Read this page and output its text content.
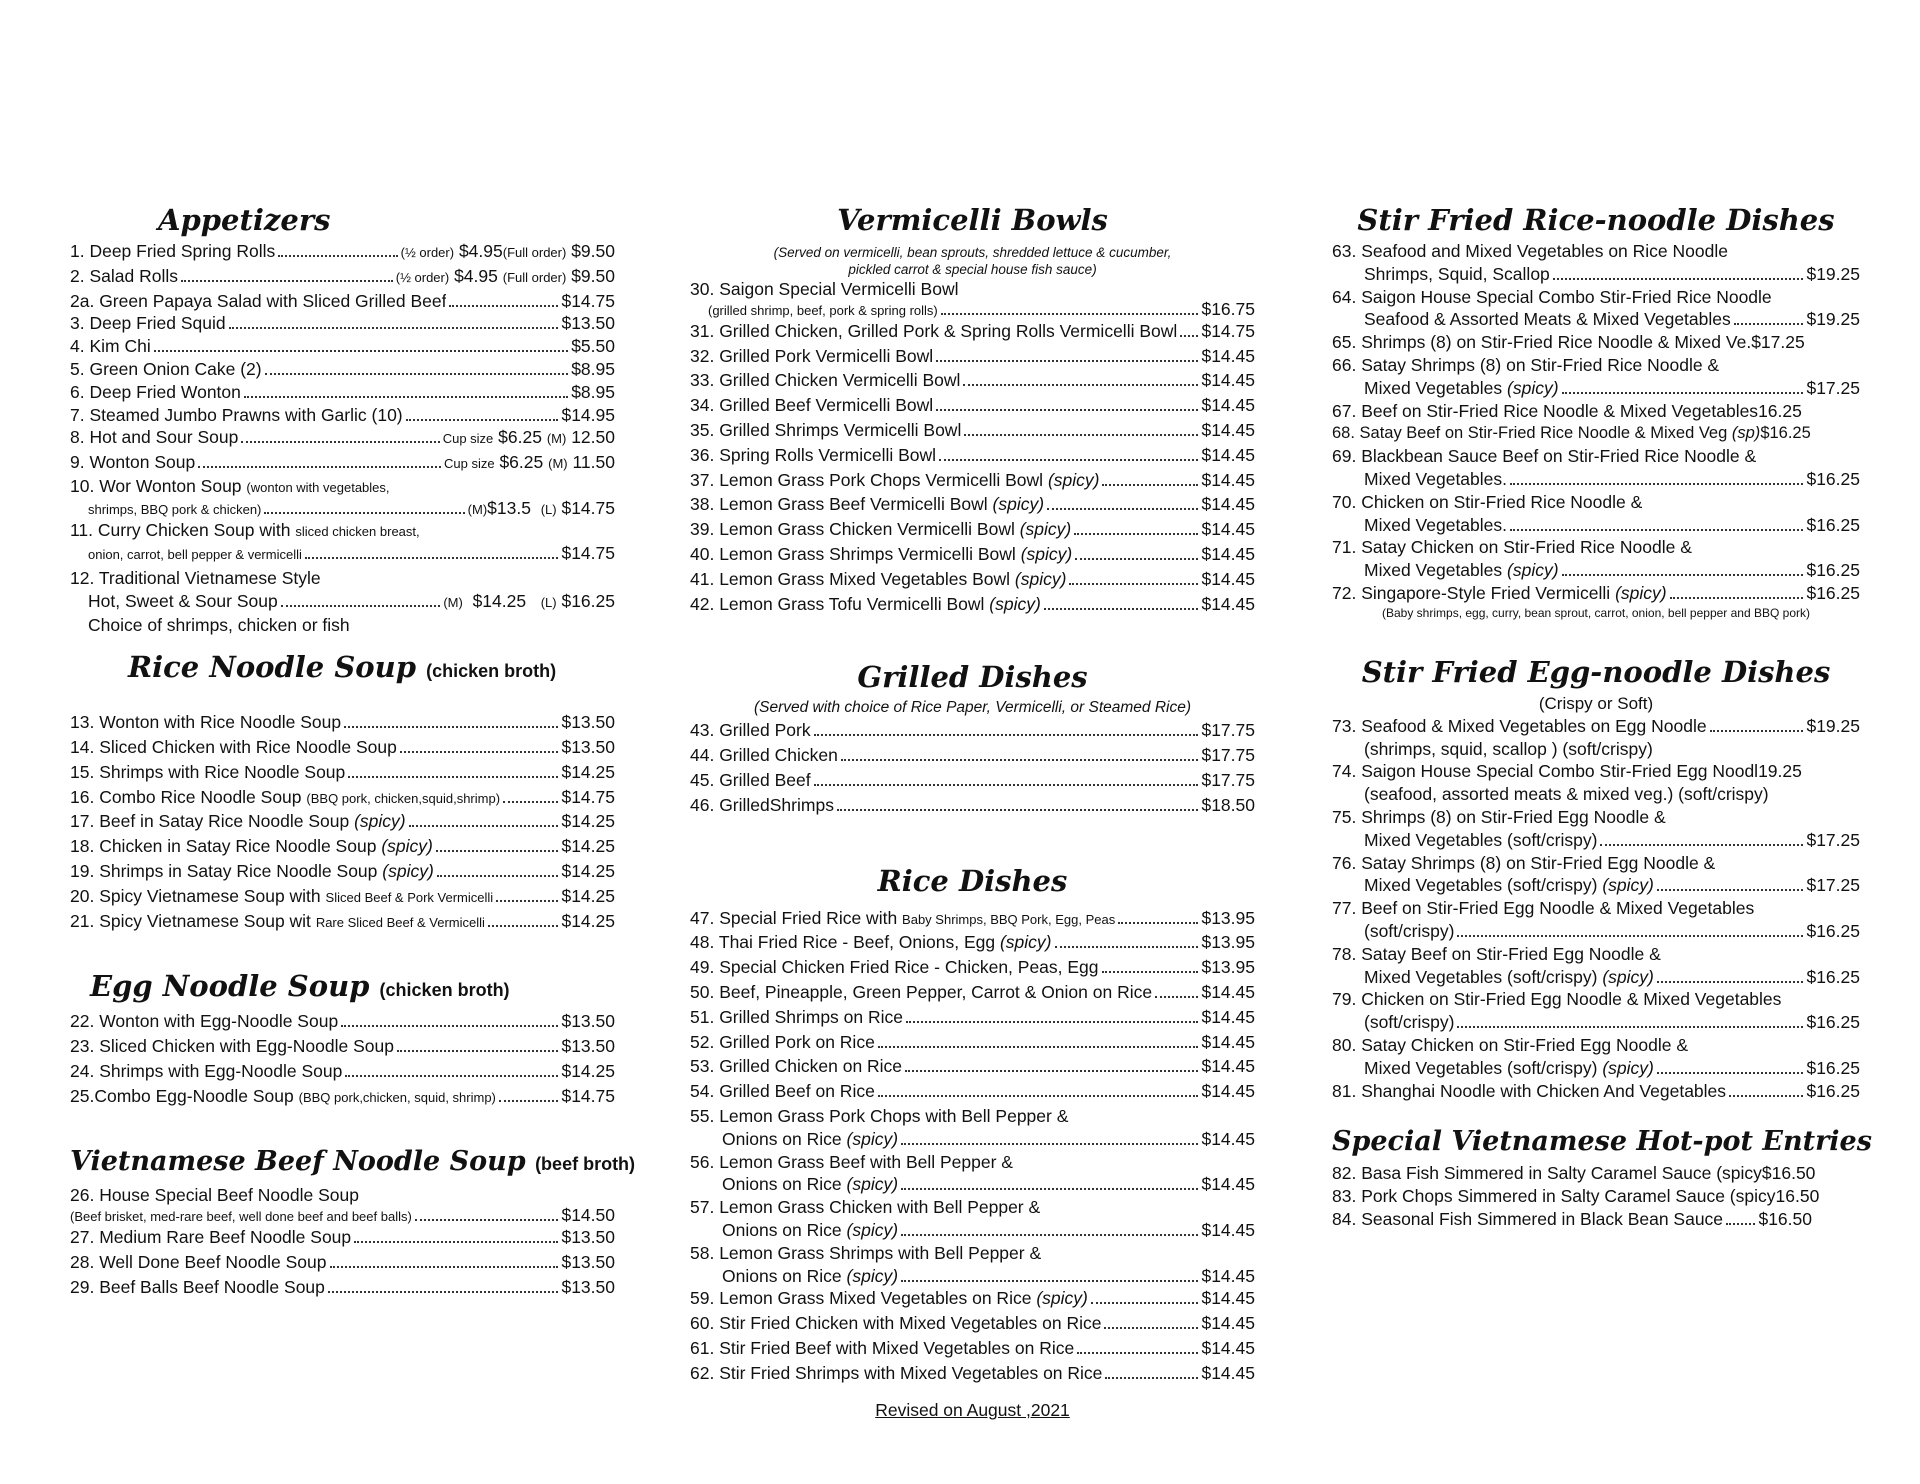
Appetizers
1. Deep Fried Spring Rolls	(½ order) $4.95(Full order) $9.50
2. Salad Rolls	(½ order) $4.95 (Full order) $9.50
2a. Green Papaya Salad with Sliced Grilled Beef	$14.75
3. Deep Fried Squid	$13.50
4. Kim Chi	$5.50
5. Green Onion Cake (2)	$8.95
6. Deep Fried Wonton	$8.95
7. Steamed Jumbo Prawns with Garlic (10)	$14.95
8. Hot and Sour Soup	Cup size $6.25 (M) 12.50
9. Wonton Soup	Cup size $6.25 (M) 11.50
10. Wor Wonton Soup (wonton with vegetables,
shrimps, BBQ pork & chicken)	(M)$13.5 (L) $14.75
11. Curry Chicken Soup with sliced chicken breast,
onion, carrot, bell pepper & vermicelli	$14.75
12. Traditional Vietnamese Style
Hot, Sweet & Sour Soup	(M) $14.25 (L) $16.25
Choice of shrimps, chicken or fish
Rice Noodle Soup (chicken broth)
13. Wonton with Rice Noodle Soup	$13.50
14. Sliced Chicken with Rice Noodle Soup	$13.50
15. Shrimps with Rice Noodle Soup	$14.25
16. Combo Rice Noodle Soup (BBQ pork, chicken,squid,shrimp)	$14.75
17. Beef in Satay Rice Noodle Soup (spicy)	$14.25
18. Chicken in Satay Rice Noodle Soup (spicy)	$14.25
19. Shrimps in Satay Rice Noodle Soup (spicy)	$14.25
20. Spicy Vietnamese Soup with Sliced Beef & Pork Vermicelli	$14.25
21. Spicy Vietnamese Soup wit Rare Sliced Beef & Vermicelli	$14.25
Egg Noodle Soup (chicken broth)
22. Wonton with Egg-Noodle Soup	$13.50
23. Sliced Chicken with Egg-Noodle Soup	$13.50
24. Shrimps with Egg-Noodle Soup	$14.25
25.Combo Egg-Noodle Soup (BBQ pork,chicken, squid, shrimp)	$14.75
Vietnamese Beef Noodle Soup (beef broth)
26. House Special Beef Noodle Soup
(Beef brisket, med-rare beef, well done beef and beef balls)	$14.50
27. Medium Rare Beef Noodle Soup	$13.50
28. Well Done Beef Noodle Soup	$13.50
29. Beef Balls Beef Noodle Soup	$13.50
Vermicelli Bowls
(Served on vermicelli, bean sprouts, shredded lettuce & cucumber,
pickled carrot & special house fish sauce)
30. Saigon Special Vermicelli Bowl
(grilled shrimp, beef, pork & spring rolls)	$16.75
31. Grilled Chicken, Grilled Pork & Spring Rolls Vermicelli Bowl $14.75
32. Grilled Pork Vermicelli Bowl	$14.45
33. Grilled Chicken Vermicelli Bowl	$14.45
34. Grilled Beef Vermicelli Bowl	$14.45
35. Grilled Shrimps Vermicelli Bowl	$14.45
36. Spring Rolls Vermicelli Bowl	$14.45
37. Lemon Grass Pork Chops Vermicelli Bowl (spicy)	$14.45
38. Lemon Grass Beef Vermicelli Bowl (spicy)	$14.45
39. Lemon Grass Chicken Vermicelli Bowl (spicy)	$14.45
40. Lemon Grass Shrimps Vermicelli Bowl (spicy)	$14.45
41. Lemon Grass Mixed Vegetables Bowl (spicy)	$14.45
42. Lemon Grass Tofu Vermicelli Bowl (spicy)	$14.45
Grilled Dishes
(Served with choice of Rice Paper, Vermicelli, or Steamed Rice)
43. Grilled Pork	$17.75
44. Grilled Chicken	$17.75
45. Grilled Beef	$17.75
46. GrilledShrimps	$18.50
Rice Dishes
47. Special Fried Rice with Baby Shrimps, BBQ Pork, Egg, Peas	$13.95
48. Thai Fried Rice - Beef, Onions, Egg (spicy)	$13.95
49. Special Chicken Fried Rice - Chicken, Peas, Egg	$13.95
50. Beef, Pineapple, Green Pepper, Carrot & Onion on Rice	$14.45
51. Grilled Shrimps on Rice	$14.45
52. Grilled Pork on Rice	$14.45
53. Grilled Chicken on Rice	$14.45
54. Grilled Beef on Rice	$14.45
55. Lemon Grass Pork Chops with Bell Pepper &
Onions on Rice (spicy)	$14.45
56. Lemon Grass Beef with Bell Pepper &
Onions on Rice (spicy)	$14.45
57. Lemon Grass Chicken with Bell Pepper &
Onions on Rice (spicy)	$14.45
58. Lemon Grass Shrimps with Bell Pepper &
Onions on Rice (spicy)	$14.45
59. Lemon Grass Mixed Vegetables on Rice (spicy)	$14.45
60. Stir Fried Chicken with Mixed Vegetables on Rice	$14.45
61. Stir Fried Beef with Mixed Vegetables on Rice	$14.45
62. Stir Fried Shrimps with Mixed Vegetables on Rice	$14.45
Revised on August ,2021
Stir Fried Rice-noodle Dishes
63. Seafood and Mixed Vegetables on Rice Noodle
Shrimps, Squid, Scallop	$19.25
64. Saigon House Special Combo Stir-Fried Rice Noodle
Seafood & Assorted Meats & Mixed Vegetables	$19.25
65. Shrimps (8) on Stir-Fried Rice Noodle & Mixed Ve. $17.25
66. Satay Shrimps (8) on Stir-Fried Rice Noodle &
Mixed Vegetables (spicy)	$17.25
67. Beef on Stir-Fried Rice Noodle & Mixed Vegetables 16.25
68. Satay Beef on Stir-Fried Rice Noodle & Mixed Veg (sp) $16.25
69. Blackbean Sauce Beef on Stir-Fried Rice Noodle &
Mixed Vegetables.	$16.25
70. Chicken on Stir-Fried Rice Noodle &
Mixed Vegetables.	$16.25
71. Satay Chicken on Stir-Fried Rice Noodle &
Mixed Vegetables (spicy)	$16.25
72. Singapore-Style Fried Vermicelli (spicy)	$16.25
(Baby shrimps, egg, curry, bean sprout, carrot, onion, bell pepper and BBQ pork)
Stir Fried Egg-noodle Dishes
(Crispy or Soft)
73. Seafood & Mixed Vegetables on Egg Noodle	$19.25
(shrimps, squid, scallop ) (soft/crispy)
74. Saigon House Special Combo Stir-Fried Egg Noodl 19.25
(seafood, assorted meats & mixed veg.) (soft/crispy)
75. Shrimps (8) on Stir-Fried Egg Noodle &
Mixed Vegetables (soft/crispy)	$17.25
76. Satay Shrimps (8) on Stir-Fried Egg Noodle &
Mixed Vegetables (soft/crispy) (spicy)	$17.25
77. Beef on Stir-Fried Egg Noodle & Mixed Vegetables
(soft/crispy)	$16.25
78. Satay Beef on Stir-Fried Egg Noodle &
Mixed Vegetables (soft/crispy) (spicy)	$16.25
79. Chicken on Stir-Fried Egg Noodle & Mixed Vegetables
(soft/crispy)	$16.25
80. Satay Chicken on Stir-Fried Egg Noodle &
Mixed Vegetables (soft/crispy) (spicy)	$16.25
81. Shanghai Noodle with Chicken And Vegetables	$16.25
Special Vietnamese Hot-pot Entries
82. Basa Fish Simmered in Salty Caramel Sauce (spicy$16.50
83. Pork Chops Simmered in Salty Caramel Sauce (spicy16.50
84. Seasonal Fish Simmered in Black Bean Sauce $16.50
